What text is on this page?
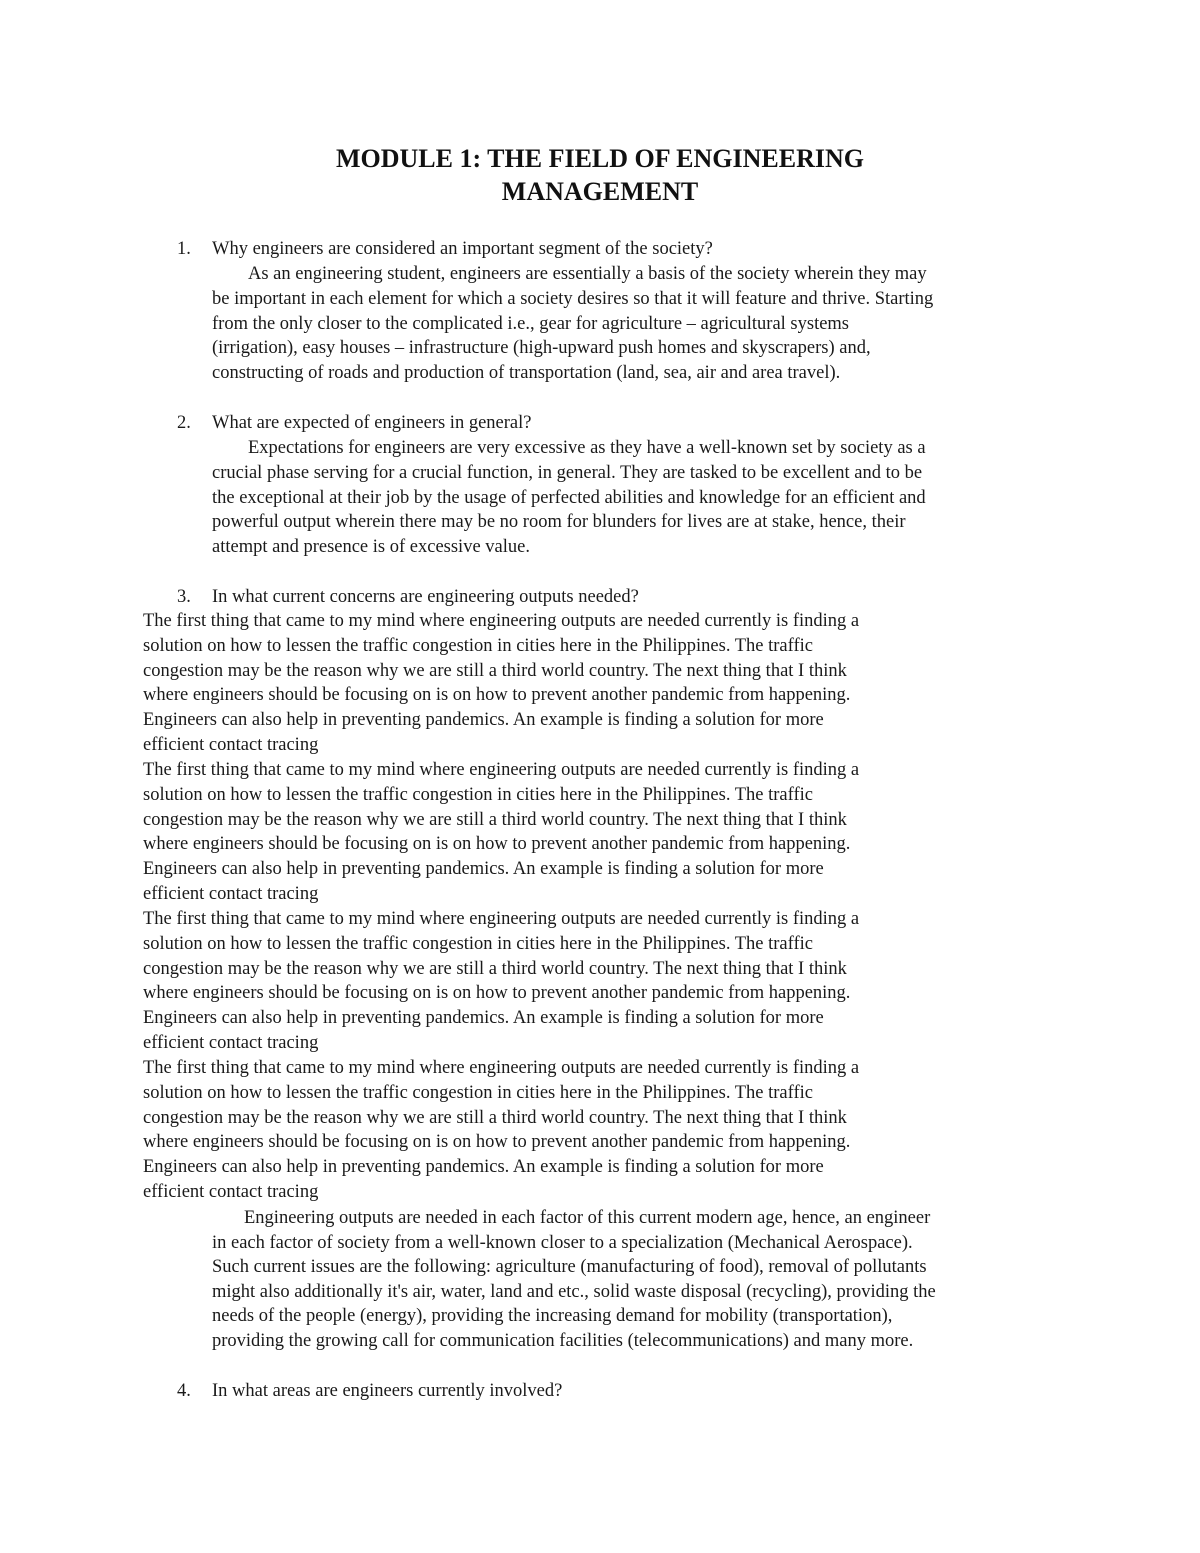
MODULE 1: THE FIELD OF ENGINEERING
MANAGEMENT
1. Why engineers are considered an important segment of the society?
As an engineering student, engineers are essentially a basis of the society wherein they may
be important in each element for which a society desires so that it will feature and thrive. Starting
from the only closer to the complicated i.e., gear for agriculture – agricultural systems
(irrigation), easy houses – infrastructure (high-upward push homes and skyscrapers) and,
constructing of roads and production of transportation (land, sea, air and area travel).
2. What are expected of engineers in general?
Expectations for engineers are very excessive as they have a well-known set by society as a
crucial phase serving for a crucial function, in general. They are tasked to be excellent and to be
the exceptional at their job by the usage of perfected abilities and knowledge for an efficient and
powerful output wherein there may be no room for blunders for lives are at stake, hence, their
attempt and presence is of excessive value.
3. In what current concerns are engineering outputs needed?
The first thing that came to my mind where engineering outputs are needed currently is finding a
solution on how to lessen the traffic congestion in cities here in the Philippines. The traffic
congestion may be the reason why we are still a third world country. The next thing that I think
where engineers should be focusing on is on how to prevent another pandemic from happening.
Engineers can also help in preventing pandemics. An example is finding a solution for more
efficient contact tracing
The first thing that came to my mind where engineering outputs are needed currently is finding a
solution on how to lessen the traffic congestion in cities here in the Philippines. The traffic
congestion may be the reason why we are still a third world country. The next thing that I think
where engineers should be focusing on is on how to prevent another pandemic from happening.
Engineers can also help in preventing pandemics. An example is finding a solution for more
efficient contact tracing
The first thing that came to my mind where engineering outputs are needed currently is finding a
solution on how to lessen the traffic congestion in cities here in the Philippines. The traffic
congestion may be the reason why we are still a third world country. The next thing that I think
where engineers should be focusing on is on how to prevent another pandemic from happening.
Engineers can also help in preventing pandemics. An example is finding a solution for more
efficient contact tracing
The first thing that came to my mind where engineering outputs are needed currently is finding a
solution on how to lessen the traffic congestion in cities here in the Philippines. The traffic
congestion may be the reason why we are still a third world country. The next thing that I think
where engineers should be focusing on is on how to prevent another pandemic from happening.
Engineers can also help in preventing pandemics. An example is finding a solution for more
efficient contact tracing
Engineering outputs are needed in each factor of this current modern age, hence, an engineer
in each factor of society from a well-known closer to a specialization (Mechanical Aerospace).
Such current issues are the following: agriculture (manufacturing of food), removal of pollutants
might also additionally it's air, water, land and etc., solid waste disposal (recycling), providing the
needs of the people (energy), providing the increasing demand for mobility (transportation),
providing the growing call for communication facilities (telecommunications) and many more.
4. In what areas are engineers currently involved?
